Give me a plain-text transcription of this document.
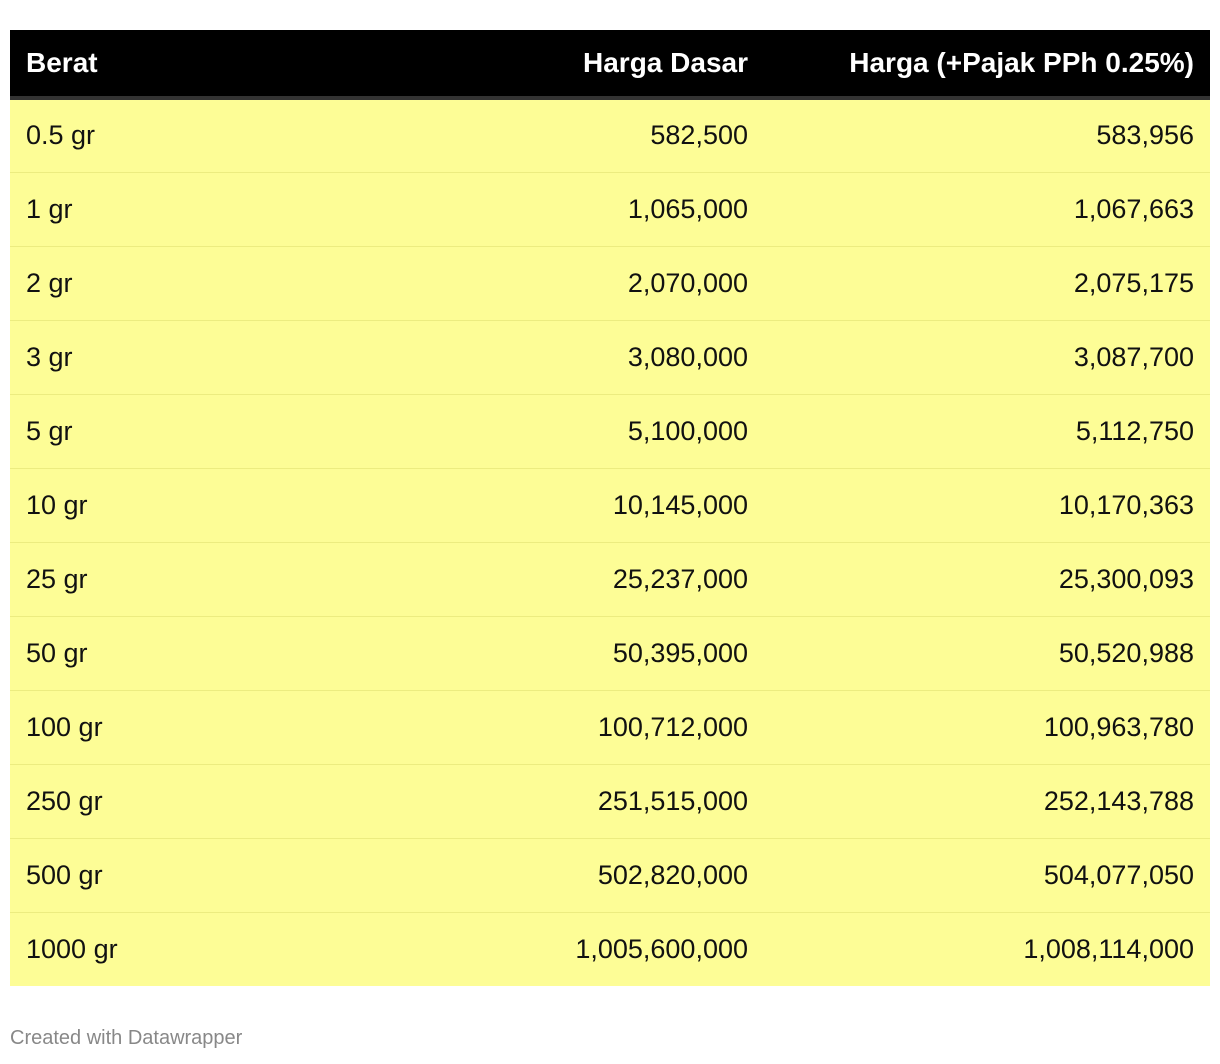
Berat	Harga Dasar	Harga (+Pajak PPh 0.25%)
0.5 gr	582,500	583,956
1 gr	1,065,000	1,067,663
2 gr	2,070,000	2,075,175
3 gr	3,080,000	3,087,700
5 gr	5,100,000	5,112,750
10 gr	10,145,000	10,170,363
25 gr	25,237,000	25,300,093
50 gr	50,395,000	50,520,988
100 gr	100,712,000	100,963,780
250 gr	251,515,000	252,143,788
500 gr	502,820,000	504,077,050
1000 gr	1,005,600,000	1,008,114,000
Created with Datawrapper
